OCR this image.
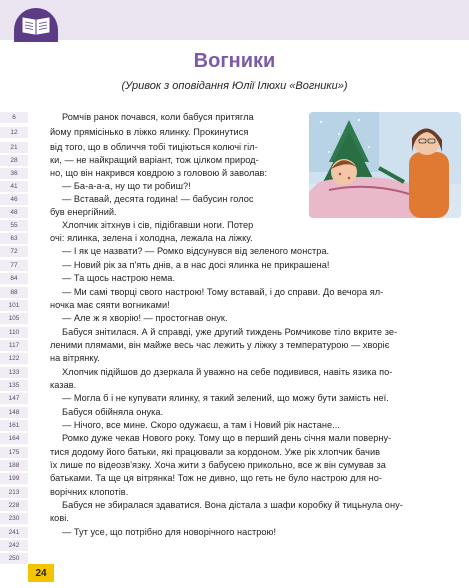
Вогники
(Уривок з оповідання Юлії Ілюхи «Вогники»)
6
12
21
28
36
41
46
48
55
63
72
77
84
88
101
105
110
117
122
133
135
147
148
161
164
175
188
199
213
228
230
241
242
250
Ромчів ранок почався, коли бабуся притягла
йому прямісінько в ліжко ялинку. Прокинутися
від того, що в обличчя тобі тиціються колючі гіл-
ки, — не найкращий варіант, тож цілком природ-
но, що він накрився ковдрою з головою й заволав:
— Ба-а-а-а, ну що ти робиш?!
— Вставай, десята година! — бабусин голос
був енергійний.
Хлопчик зітхнув і сів, підібгавши ноги. Потер
очі: ялинка, зелена і холодна, лежала на ліжку.
— І як це назвати? — Ромко відсунувся від зеленого монстра.
— Новий рік за п'ять днів, а в нас досі ялинка не прикрашена!
— Та щось настрою нема.
— Ми самі творці свого настрою! Тому вставай, і до справи. До вечора ял-
ночка має сяяти вогниками!
— Але ж я хворію! — простогнав онук.
Бабуся знітилася. А й справді, уже другий тиждень Ромчикове тіло вкрите зе-
леними плямами, він майже весь час лежить у ліжку з температурою — хворіє
на вітрянку.
Хлопчик підійшов до дзеркала й уважно на себе подивився, навіть язика по-
казав.
— Могла б і не купувати ялинку, я такий зелений, що можу бути замість неї.
Бабуся обійняла онука.
— Нічого, все мине. Скоро одужаєш, а там і Новий рік настане...
Ромко дуже чекав Нового року. Тому що в перший день січня мали поверну-
тися додому його батьки, які працювали за кордоном. Уже рік хлопчик бачив
їх лише по відеозв'язку. Хоча жити з бабусею прикольно, все ж він сумував за
батьками. Та ще ця вітрянка! Тож не дивно, що геть не було настрою для но-
ворічних клопотів.
Бабуся не збиралася здаватися. Вона дістала з шафи коробку й тицьнула ону-
кові.
— Тут усе, що потрібно для новорічного настрою!
24
